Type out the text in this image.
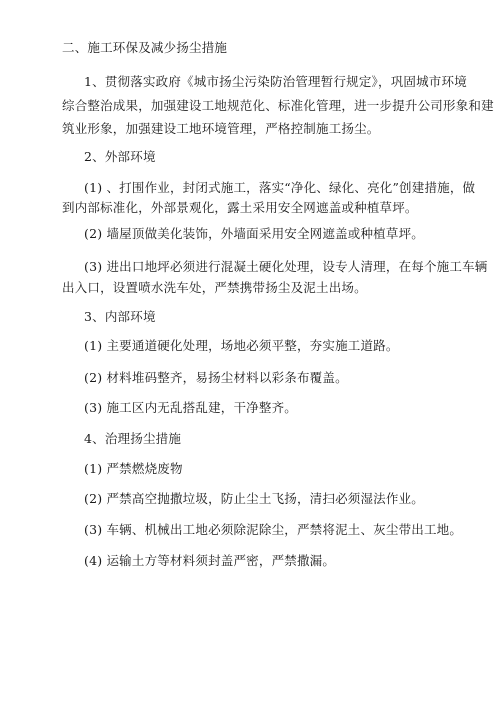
二、施工环保及减少扬尘措施
1、贯彻落实政府《城市扬尘污染防治管理暂行规定》，巩固城市环境
综合整治成果，加强建设工地规范化、标准化管理，进一步提升公司形象和建
筑业形象，加强建设工地环境管理，严格控制施工扬尘。
2、外部环境
(1) 、打围作业，封闭式施工，落实“净化、绿化、亮化”创建措施，做
到内部标准化，外部景观化，露土采用安全网遮盖或种植草坪。
(2) 墙屋顶做美化装饰，外墙面采用安全网遮盖或种植草坪。
(3) 进出口地坪必须进行混凝土硬化处理，设专人清理，在每个施工车辆
出入口，设置喷水洗车处，严禁携带扬尘及泥土出场。
3、内部环境
(1) 主要通道硬化处理，场地必须平整，夯实施工道路。
(2) 材料堆码整齐，易扬尘材料以彩条布覆盖。
(3) 施工区内无乱搭乱建，干净整齐。
4、治理扬尘措施
(1) 严禁燃烧废物
(2) 严禁高空抛撒垃圾，防止尘土飞扬，清扫必须湿法作业。
(3) 车辆、机械出工地必须除泥除尘，严禁将泥土、灰尘带出工地。
(4) 运输土方等材料须封盖严密，严禁撒漏。
